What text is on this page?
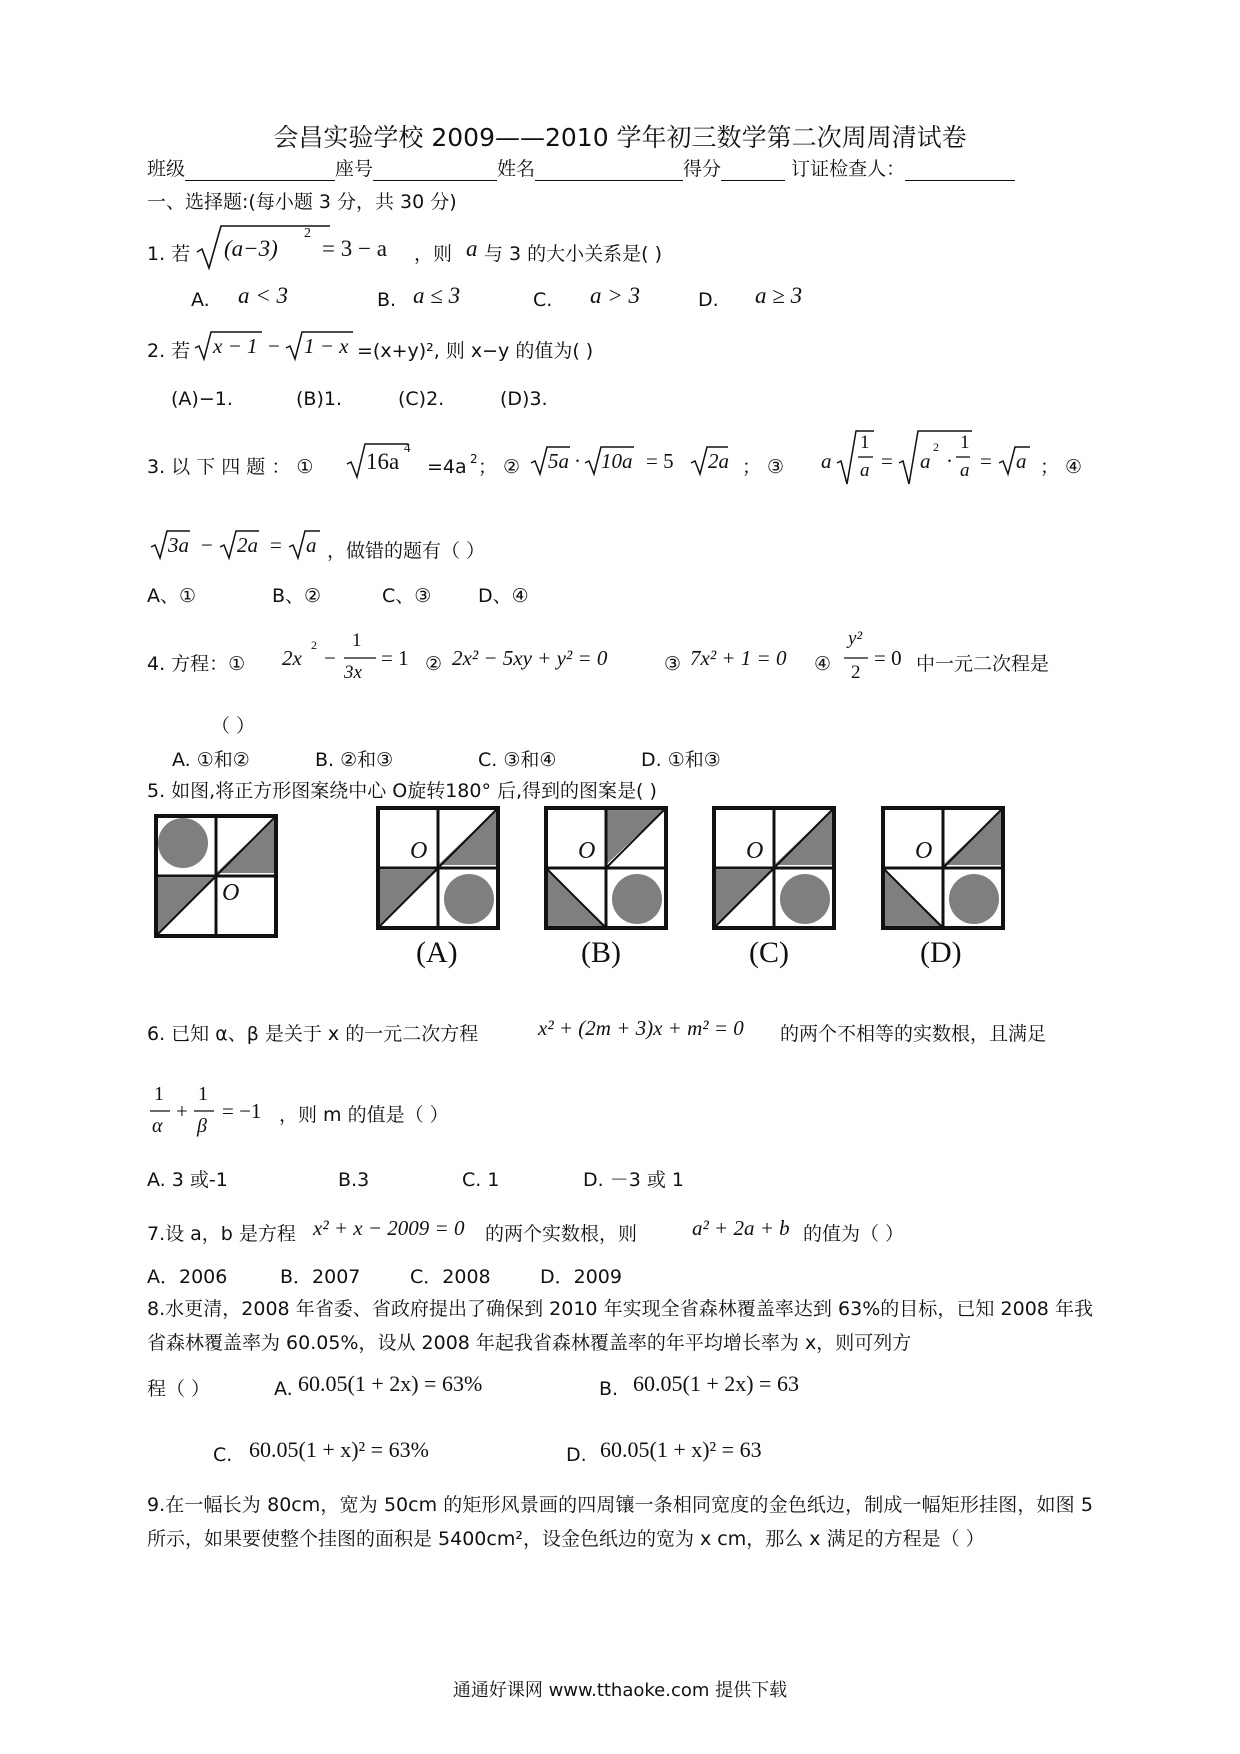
会昌实验学校 2009——2010 学年初三数学第二次周周清试卷
班级	座号	姓名	得分	订证检查人：
一、选择题:(每小题 3 分，共 30 分)
1. 若 (a−3)
2
= 3 − a ，则 a 与 3 的大小关系是( )
A. a < 3	B. a ≤ 3	C. a > 3	D. a ≥ 3
2. 若 x − 1 − 1 − x =(x+y)², 则 x−y 的值为( )
(A)−1.	(B)1.	(C)2.	(D)3.
3. 以 下 四 题 ： ① 16a
4
=4a 2 ； ② 5a · 10a = 5 2a ； ③ a
1
a = a
2
·
1
a = a ； ④
3a − 2a = a ，做错的题有（ ）
A、①	B、②	C、③ D、④
4. 方程：① 2x
2
−
1
3x
= 1 ② 2x² − 5xy + y² = 0	③ 7x² + 1 = 0 ④
y²
2
= 0 中一元二次程是
（ ）
A. ①和②	B. ②和③	C. ③和④	D. ①和③
5. 如图,将正方形图案绕中心 O旋转180° 后,得到的图案是( )
O
O
(A)
O
(B)
O
(C)
O
(D)
6. 已知 α、β 是关于 x 的一元二次方程	x² + (2m + 3)x + m² = 0 的两个不相等的实数根，且满足
1
α
+
1
β
= −1 ，则 m 的值是（ ）
A. 3 或-1	B.3	C. 1	D. －3 或 1
7.设 a，b 是方程 x² + x − 2009 = 0 的两个实数根，则	a² + 2a + b 的值为（ ）
A．2006	B．2007	C．2008	D．2009
8.水更清，2008 年省委、省政府提出了确保到 2010 年实现全省森林覆盖率达到 63%的目标，已知 2008 年我省森林覆盖率为 60.05%，设从 2008 年起我省森林覆盖率的年平均增长率为 x，则可列方
程（ ）	A. 60.05(1 + 2x) = 63%	B. 60.05(1 + 2x) = 63
C. 60.05(1 + x)² = 63%	D. 60.05(1 + x)² = 63
9.在一幅长为 80cm，宽为 50cm 的矩形风景画的四周镶一条相同宽度的金色纸边，制成一幅矩形挂图，如图 5 所示，如果要使整个挂图的面积是 5400cm²，设金色纸边的宽为 x cm，那么 x 满足的方程是（ ）
通通好课网 www.tthaoke.com 提供下载
